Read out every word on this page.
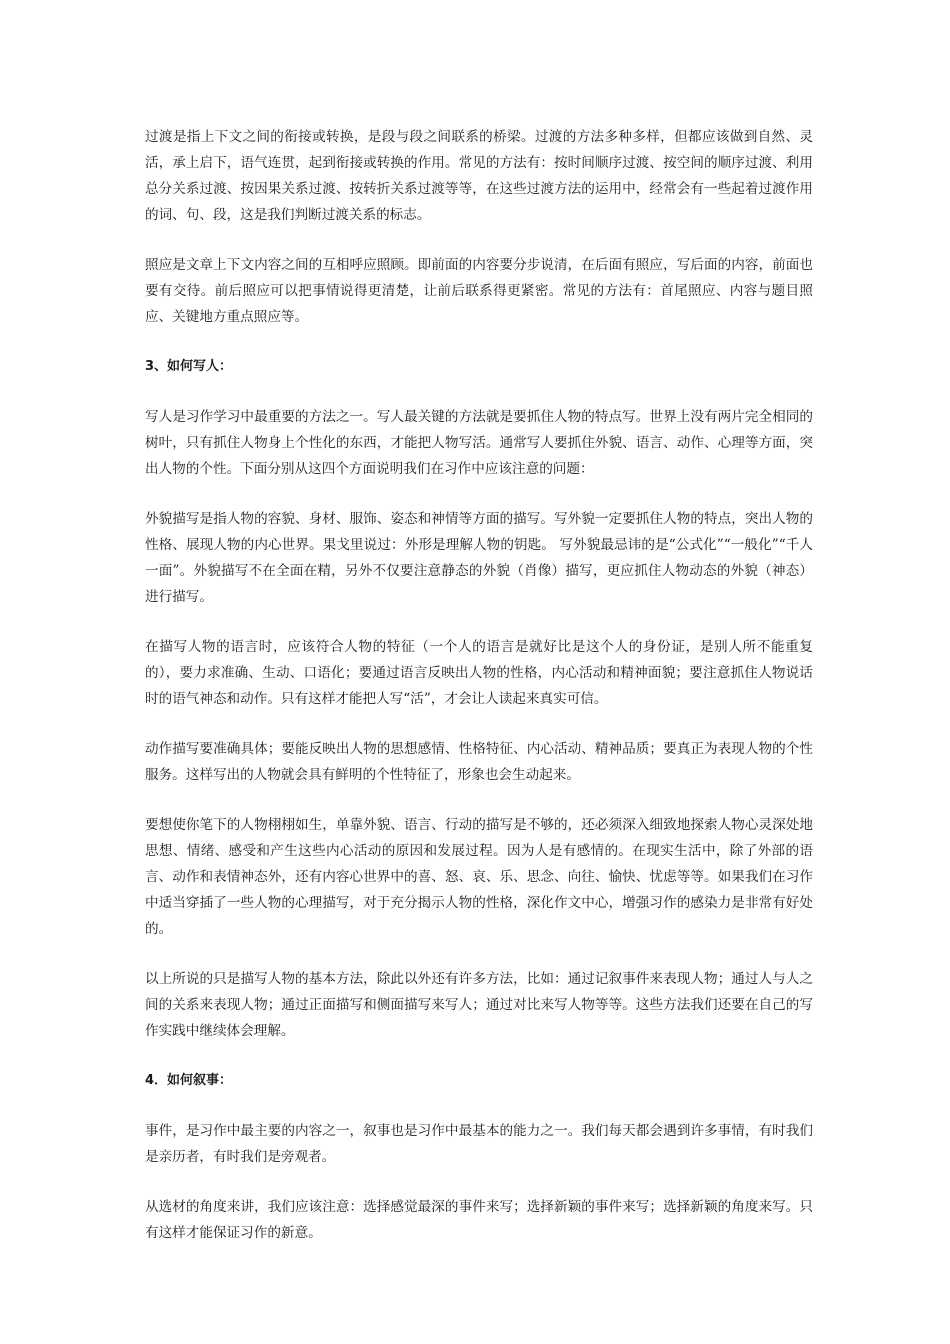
过渡是指上下文之间的衔接或转换，是段与段之间联系的桥梁。过渡的方法多种多样，但都应该做到自然、灵活，承上启下，语气连贯，起到衔接或转换的作用。常见的方法有：按时间顺序过渡、按空间的顺序过渡、利用总分关系过渡、按因果关系过渡、按转折关系过渡等等，在这些过渡方法的运用中，经常会有一些起着过渡作用的词、句、段，这是我们判断过渡关系的标志。

照应是文章上下文内容之间的互相呼应照顾。即前面的内容要分步说清，在后面有照应，写后面的内容，前面也要有交待。前后照应可以把事情说得更清楚，让前后联系得更紧密。常见的方法有：首尾照应、内容与题目照应、关键地方重点照应等。

3、如何写人：

写人是习作学习中最重要的方法之一。写人最关键的方法就是要抓住人物的特点写。世界上没有两片完全相同的树叶，只有抓住人物身上个性化的东西，才能把人物写活。通常写人要抓住外貌、语言、动作、心理等方面，突出人物的个性。下面分别从这四个方面说明我们在习作中应该注意的问题：

外貌描写是指人物的容貌、身材、服饰、姿态和神情等方面的描写。写外貌一定要抓住人物的特点，突出人物的性格、展现人物的内心世界。果戈里说过：外形是理解人物的钥匙。 写外貌最忌讳的是“公式化”“一般化”“千人一面”。外貌描写不在全面在精，另外不仅要注意静态的外貌（肖像）描写，更应抓住人物动态的外貌（神态）进行描写。

在描写人物的语言时，应该符合人物的特征（一个人的语言是就好比是这个人的身份证，是别人所不能重复的），要力求准确、生动、口语化；要通过语言反映出人物的性格，内心活动和精神面貌；要注意抓住人物说话时的语气神态和动作。只有这样才能把人写“活”，才会让人读起来真实可信。

动作描写要准确具体；要能反映出人物的思想感情、性格特征、内心活动、精神品质；要真正为表现人物的个性服务。这样写出的人物就会具有鲜明的个性特征了，形象也会生动起来。

要想使你笔下的人物栩栩如生，单靠外貌、语言、行动的描写是不够的，还必须深入细致地探索人物心灵深处地思想、情绪、感受和产生这些内心活动的原因和发展过程。因为人是有感情的。在现实生活中，除了外部的语言、动作和表情神态外，还有内容心世界中的喜、怒、哀、乐、思念、向往、愉快、忧虑等等。如果我们在习作中适当穿插了一些人物的心理描写，对于充分揭示人物的性格，深化作文中心，增强习作的感染力是非常有好处的。

以上所说的只是描写人物的基本方法，除此以外还有许多方法，比如：通过记叙事件来表现人物；通过人与人之间的关系来表现人物；通过正面描写和侧面描写来写人；通过对比来写人物等等。这些方法我们还要在自己的写作实践中继续体会理解。

4．如何叙事：

事件，是习作中最主要的内容之一，叙事也是习作中最基本的能力之一。我们每天都会遇到许多事情，有时我们是亲历者，有时我们是旁观者。

从选材的角度来讲，我们应该注意：选择感觉最深的事件来写；选择新颖的事件来写；选择新颖的角度来写。只有这样才能保证习作的新意。
